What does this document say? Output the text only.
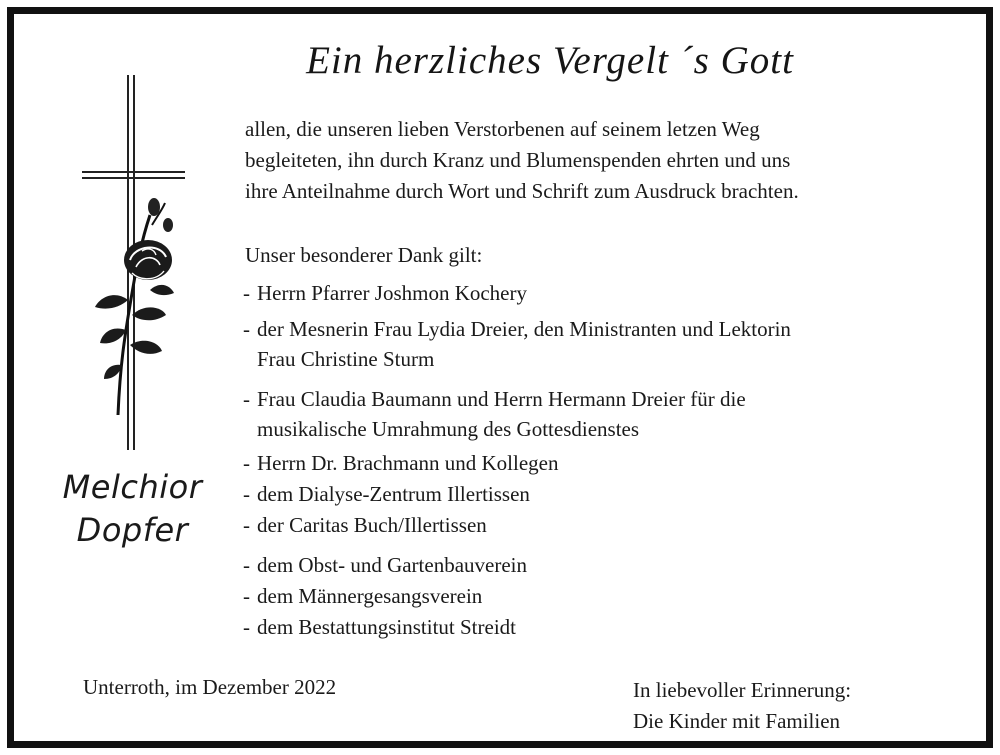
Ein herzliches Vergelt ´s Gott

allen, die unseren lieben Verstorbenen auf seinem letzen Weg

begleiteten, ihn durch Kranz und Blumenspenden ehrten und uns

ihre Anteilnahme durch Wort und Schrift zum Ausdruck brachten.

Unser besonderer Dank gilt:
- Herrn Pfarrer Joshmon Kochery
- der Mesnerin Frau Lydia Dreier, den Ministranten und Lektorin
Frau Christine Sturm
- Frau Claudia Baumann und Herrn Hermann Dreier für die
musikalische Umrahmung des Gottesdienstes
- Herrn Dr. Brachmann und Kollegen
- dem Dialyse-Zentrum Illertissen
- der Caritas Buch/Illertissen
- dem Obst- und Gartenbauverein
- dem Männergesangsverein
- dem Bestattungsinstitut Streidt
Melchior
Dopfer
Unterroth, im Dezember 2022	In liebevoller Erinnerung:
Die Kinder mit Familien
